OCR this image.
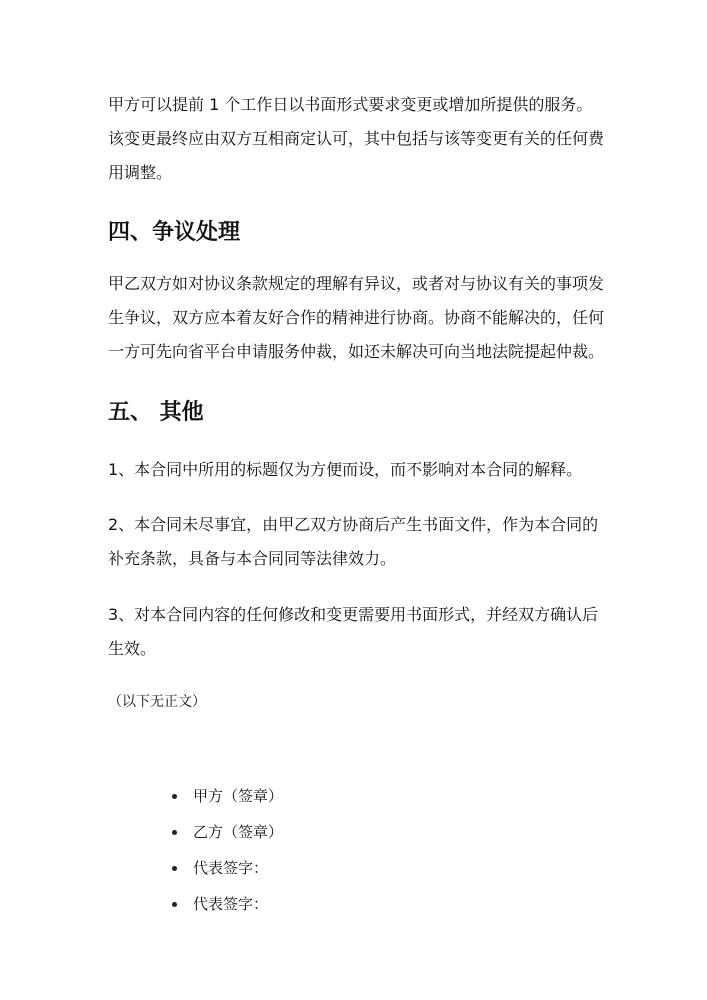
甲方可以提前 1 个工作日以书面形式要求变更或增加所提供的服务。该变更最终应由双方互相商定认可，其中包括与该等变更有关的任何费用调整。

四、争议处理

甲乙双方如对协议条款规定的理解有异议，或者对与协议有关的事项发生争议，双方应本着友好合作的精神进行协商。协商不能解决的，任何一方可先向省平台申请服务仲裁，如还未解决可向当地法院提起仲裁。

五、 其他

1、本合同中所用的标题仅为方便而设，而不影响对本合同的解释。

2、本合同未尽事宜，由甲乙双方协商后产生书面文件，作为本合同的补充条款，具备与本合同同等法律效力。

3、对本合同内容的任何修改和变更需要用书面形式，并经双方确认后生效。

（以下无正文）

甲方（签章）
乙方（签章）
代表签字：
代表签字：
